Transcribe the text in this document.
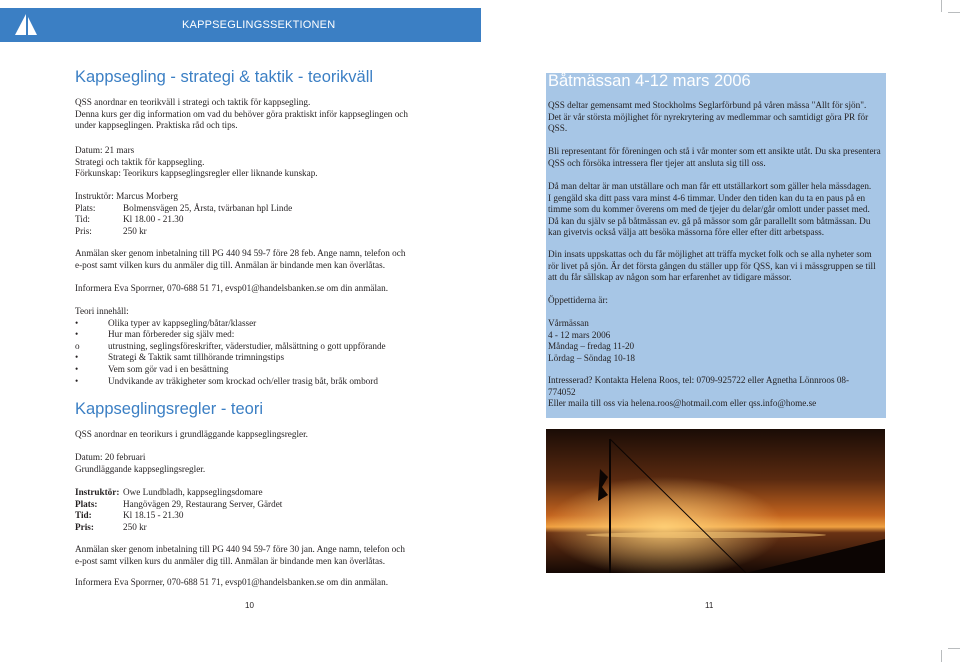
KAPPSEGLINGSSEKTIONEN
Kappsegling - strategi & taktik - teorikväll
QSS anordnar en teorikväll i strategi och taktik för kappsegling.
Denna kurs ger dig information om vad du behöver göra praktiskt inför kappseglingen och
under kappseglingen. Praktiska råd och tips.
Datum: 21 mars
Strategi och taktik för kappsegling.
Förkunskap: Teorikurs kappseglingsregler eller liknande kunskap.
Instruktör: Marcus Morberg
Plats:	Bolmensvägen 25, Årsta, tvärbanan hpl Linde
Tid:	Kl 18.00 - 21.30
Pris:	250 kr
Anmälan sker genom inbetalning till PG 440 94 59-7 före 28 feb. Ange namn, telefon och
e-post samt vilken kurs du anmäler dig till. Anmälan är bindande men kan överlåtas.
Informera Eva Sporrner, 070-688 51 71, evsp01@handelsbanken.se om din anmälan.
Teori innehåll:
•	Olika typer av kappsegling/båtar/klasser
•	Hur man förbereder sig själv med:
o	utrustning, seglingsföreskrifter, väderstudier, målsättning o gott uppförande
•	Strategi & Taktik samt tillhörande trimningstips
•	Vem som gör vad i en besättning
•	Undvikande av träkigheter som krockad och/eller trasig båt, bråk ombord
Kappseglingsregler - teori
QSS anordnar en teorikurs i grundläggande kappseglingsregler.
Datum: 20 februari
Grundläggande kappseglingsregler.
Instruktör: Owe Lundbladh, kappseglingsdomare
Plats:	Hangövägen 29, Restaurang Server, Gärdet
Tid:	Kl 18.15 - 21.30
Pris:	250 kr
Anmälan sker genom inbetalning till PG 440 94 59-7 före 30 jan. Ange namn, telefon och
e-post samt vilken kurs du anmäler dig till. Anmälan är bindande men kan överlåtas.
Informera Eva Sporrner, 070-688 51 71, evsp01@handelsbanken.se om din anmälan.
10
Båtmässan 4-12 mars 2006
QSS deltar gemensamt med Stockholms Seglarförbund på våren mässa "Allt för sjön".
Det är vår största möjlighet för nyrekrytering av medlemmar och samtidigt göra PR för
QSS.
Bli representant för föreningen och stå i vår monter som ett ansikte utåt. Du ska presentera
QSS och försöka intressera fler tjejer att ansluta sig till oss.
Då man deltar är man utställare och man får ett utställarkort som gäller hela mässdagen.
I gengäld ska ditt pass vara minst 4-6 timmar. Under den tiden kan du ta en paus på en
timme som du kommer överens om med de tjejer du delar/går omlott under passet med.
Då kan du själv se på båtmässan ev. gå på mässor som går parallellt som båtmässan. Du
kan givetvis också välja att besöka mässorna före eller efter ditt arbetspass.
Din insats uppskattas och du får möjlighet att träffa mycket folk och se alla nyheter som
rör livet på sjön. Är det första gången du ställer upp för QSS, kan vi i mässgruppen se till
att du får sällskap av någon som har erfarenhet av tidigare mässor.
Öppettiderna är:
Vårmässan
4 - 12 mars 2006
Måndag – fredag 11-20
Lördag – Söndag 10-18
Intresserad? Kontakta Helena Roos, tel: 0709-925722 eller Agnetha Lönnroos 08-
774052
Eller maila till oss via helena.roos@hotmail.com eller qss.info@home.se
11
